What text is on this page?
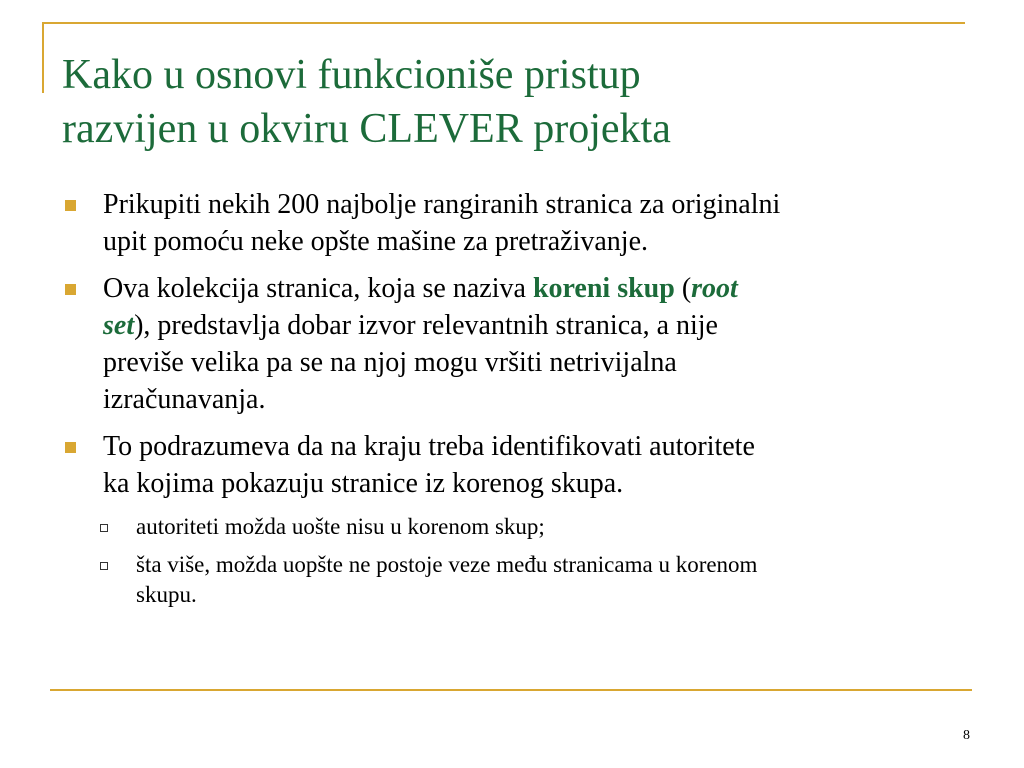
Kako u osnovi funkcioniše pristup
razvijen u okviru CLEVER projekta
Prikupiti nekih 200 najbolje rangiranih stranica za originalni
upit pomoću neke opšte mašine za pretraživanje.
Ova kolekcija stranica, koja se naziva koreni skup (root
set), predstavlja dobar izvor relevantnih stranica, a nije
previše velika pa se na njoj mogu vršiti netrivijalna
izračunavanja.
To podrazumeva da na kraju treba identifikovati autoritete
ka kojima pokazuju stranice iz korenog skupa.
autoriteti možda uošte nisu u korenom skup;
šta više, možda uopšte ne postoje veze među stranicama u korenom
skupu.
8
